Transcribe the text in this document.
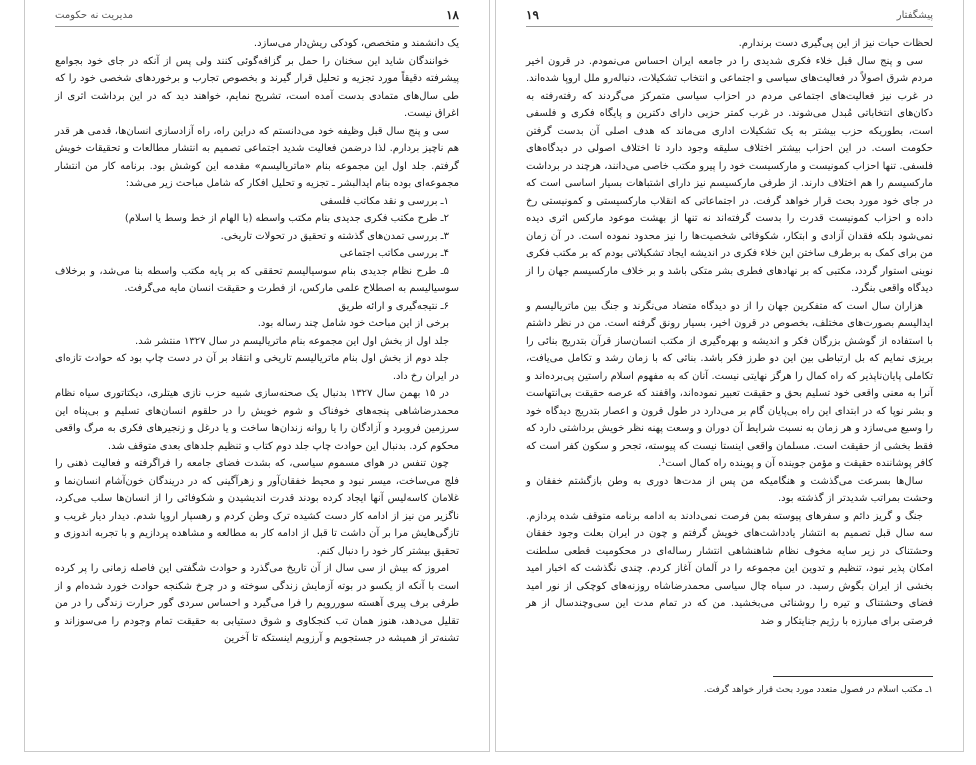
مدیریت نه حکومت	۱۸

یک دانشمند و متخصص، کودکی ریش‌دار می‌سازد.

خوانندگان شاید این سخنان را حمل بر گزافه‌گوئی کنند ولی پس از آنکه در جای خود بجوامع پیشرفته دقیقاً مورد تجزیه و تحلیل قرار گیرند و بخصوص تجارب و برخوردهای شخصی خود را که طی سال‌های متمادی بدست آمده است، تشریح نمایم، خواهند دید که در این برداشت اثری از اغراق نیست.

سی و پنج سال قبل وظیفه خود می‌دانستم که دراین راه، راه آزادسازی انسان‌ها، قدمی هر قدر هم ناچیز بردارم. لذا درضمن فعالیت شدید اجتماعی تصمیم به انتشار مطالعات و تحقیقات خویش گرفتم. جلد اول این مجموعه بنام «ماتریالیسم» مقدمه این کوشش بود. برنامه کار من انتشار مجموعه‌ای بوده بنام ایدالبشر ـ تجزیه و تحلیل افکار که شامل مباحث زیر می‌شد:

۱ـ بررسی و نقد مکاتب فلسفی

۲ـ طرح مکتب فکری جدیدی بنام مکتب واسطه (با الهام از خط وسط یا اسلام)

۳ـ بررسی تمدن‌های گذشته و تحقیق در تحولات تاریخی.

۴ـ بررسی مکاتب اجتماعی

۵ـ طرح نظام جدیدی بنام سوسیالیسم تحققی که بر پایه مکتب واسطه بنا می‌شد، و برخلاف سوسیالیسم به اصطلاح علمی مارکس، از فطرت و حقیقت انسان مایه می‌گرفت.

۶ـ نتیجه‌گیری و ارائه طریق

برخی از این مباحث خود شامل چند رساله بود.

جلد اول از بخش اول این مجموعه بنام ماتریالیسم در سال ۱۳۲۷ منتشر شد.

جلد دوم از بخش اول بنام ماتریالیسم تاریخی و انتقاد بر آن در دست چاپ بود که حوادث تازه‌ای در ایران رخ داد.

در ۱۵ بهمن سال ۱۳۲۷ بدنبال یک صحنه‌سازی شبیه حزب نازی هیتلری، دیکتاتوری سیاه نظام محمدرضاشاهی پنجه‌های خوفناک و شوم خویش را در حلقوم انسان‌های تسلیم و بی‌پناه این سرزمین فروبرد و آزادگان را یا روانه زندان‌ها ساخت و یا درغل و زنجیرهای فکری به مرگ واقعی محکوم کرد. بدنبال این حوادث چاپ جلد دوم کتاب و تنظیم جلدهای بعدی متوقف شد.

چون تنفس در هوای مسموم سیاسی، که بشدت فضای جامعه را فراگرفته و فعالیت ذهنی را فلج می‌ساخت، میسر نبود و محیط خفقان‌آور و زهرآگینی که در دریندگان خون‌آشام انسان‌نما و غلامان کاسه‌لیس آنها ایجاد کرده بودند قدرت اندیشیدن و شکوفائی را از انسان‌ها سلب می‌کرد، ناگزیر من نیز از ادامه کار دست کشیده ترک وطن کردم و رهسپار اروپا شدم. دیدار دیار غریب و تازگی‌هایش مرا بر آن داشت تا قبل از ادامه کار به مطالعه و مشاهده پردازیم و با تجربه اندوزی و تحقیق بیشتر کار خود را دنبال کنم.

امروز که بیش از سی سال از آن تاریخ می‌گذرد و حوادث شگفتی این فاصله زمانی را پر کرده است با آنکه از یکسو در بوته آزمایش زندگی سوخته و در چرخ شکنجه حوادث خورد شده‌ام و از طرفی برف پیری آهسته سوررویم را فرا می‌گیرد و احساس سردی گور حرارت زندگی را در من تقلیل می‌دهد، هنوز همان تب کنجکاوی و شوق دستیابی به حقیقت تمام وجودم را می‌سوزاند و تشنه‌تر از همیشه در جستجویم و آرزویم اینستکه تا آخرین

پیشگفتار
۱۹

لحظات حیات نیز از این پی‌گیری دست برندارم.

سی و پنج سال قبل خلاء فکری شدیدی را در جامعه ایران احساس می‌نمودم. در قرون اخیر مردم شرق اصولاً در فعالیت‌های سیاسی و اجتماعی و انتخاب تشکیلات، دنباله‌رو ملل اروپا شده‌اند. در غرب نیز فعالیت‌های اجتماعی مردم در احزاب سیاسی متمرکز می‌گردند که رفته‌رفته به دکان‌های انتخاباتی مُبدل می‌شوند. در غرب کمتر حزبی دارای دکترین و پایگاه فکری و فلسفی است، بطوریکه حزب بیشتر به یک تشکیلات اداری می‌ماند که هدف اصلی آن بدست گرفتن حکومت است. در این احزاب بیشتر اختلاف سلیقه وجود دارد تا اختلاف اصولی در دیدگاه‌های فلسفی. تنها احزاب کمونیست و مارکسیست خود را پیرو مکتب خاصی می‌دانند، هرچند در برداشت مارکسیسم را هم اختلاف دارند. از طرفی مارکسیسم نیز دارای اشتباهات بسیار اساسی است که در جای خود مورد بحث قرار خواهد گرفت. در اجتماعاتی که انقلاب مارکسیستی و کمونیستی رخ داده و احزاب کمونیست قدرت را بدست گرفته‌اند نه تنها از بهشت موعود مارکس اثری دیده نمی‌شود بلکه فقدان آزادی و ابتکار، شکوفائی شخصیت‌ها را نیز محدود نموده است. در آن زمان من برای کمک به برطرف ساختن این خلاء فکری در اندیشه ایجاد تشکیلاتی بودم که بر مکتب فکری نوینی استوار گردد، مکتبی که بر نهادهای فطری بشر متکی باشد و بر خلاف مارکسیسم جهان را از دیدگاه واقعی بنگرد.

هزاران سال است که متفکرین جهان را از دو دیدگاه متضاد می‌نگرند و جنگ بین ماتریالیسم و ایدالیسم بصورت‌های مختلف، بخصوص در قرون اخیر، بسیار رونق گرفته است. من در نظر داشتم با استفاده از گوشش بزرگان فکر و اندیشه و بهره‌گیری از مکتب انسان‌ساز قرآن بتدریج بنائی را بریزی نمایم که بل ارتباطی بین این دو طرز فکر باشد. بنائی که با زمان رشد و تکامل می‌یافت، تکاملی پایان‌ناپذیر که راه کمال را هرگز نهایتی نیست. آنان که به مفهوم اسلام راستین پی‌برده‌اند و آنرا به معنی واقعی خود تسلیم بحق و حقیقت تعبیر نموده‌اند، واقفند که عرصه حقیقت بی‌انتهاست و بشر نوپا که در ابتدای این راه بی‌پایان گام بر می‌دارد در طول قرون و اعصار بتدریج دیدگاه خود را وسیع می‌سازد و هر زمان به نسبت شرایط آن دوران و وسعت پهنه نظر خویش برداشتی دارد که فقط بخشی از حقیقت است. مسلمان واقعی اینستا نیست که پیوسته، تجحر و سکون کفر است که کافر پوشاننده حقیقت و مؤمن جوینده آن و پوینده راه کمال است¹.

سال‌ها بسرعت می‌گذشت و هنگامیکه من پس از مدت‌ها دوری به وطن بازگشتم خفقان و وحشت بمراتب شدیدتر از گذشته بود.

جنگ و گریز دائم و سفرهای پیوسته بمن فرصت نمی‌دادند به ادامه برنامه متوقف شده پردازم. سه سال قبل تصمیم به انتشار یادداشت‌های خویش گرفتم و چون در ایران بعلت وجود خفقان وحشتناک در زیر سایه مخوف نظام شاهنشاهی انتشار رساله‌ای در محکومیت قطعی سلطنت امکان پذیر نبود، تنظیم و تدوین این مجموعه را در آلمان آغاز کردم. چندی نگذشت که اخبار امید بخشی از ایران بگوش رسید. در سیاه چال سیاسی محمدرضاشاه روزنه‌های کوچکی از نور امید فضای وحشتناک و تیره را روشنائی می‌بخشید. من که در تمام مدت این سی‌وچندسال از هر فرصتی برای مبارزه با رژیم جنایتکار و ضد

۱ـ مکتب اسلام در فصول متعدد مورد بحث قرار خواهد گرفت.
